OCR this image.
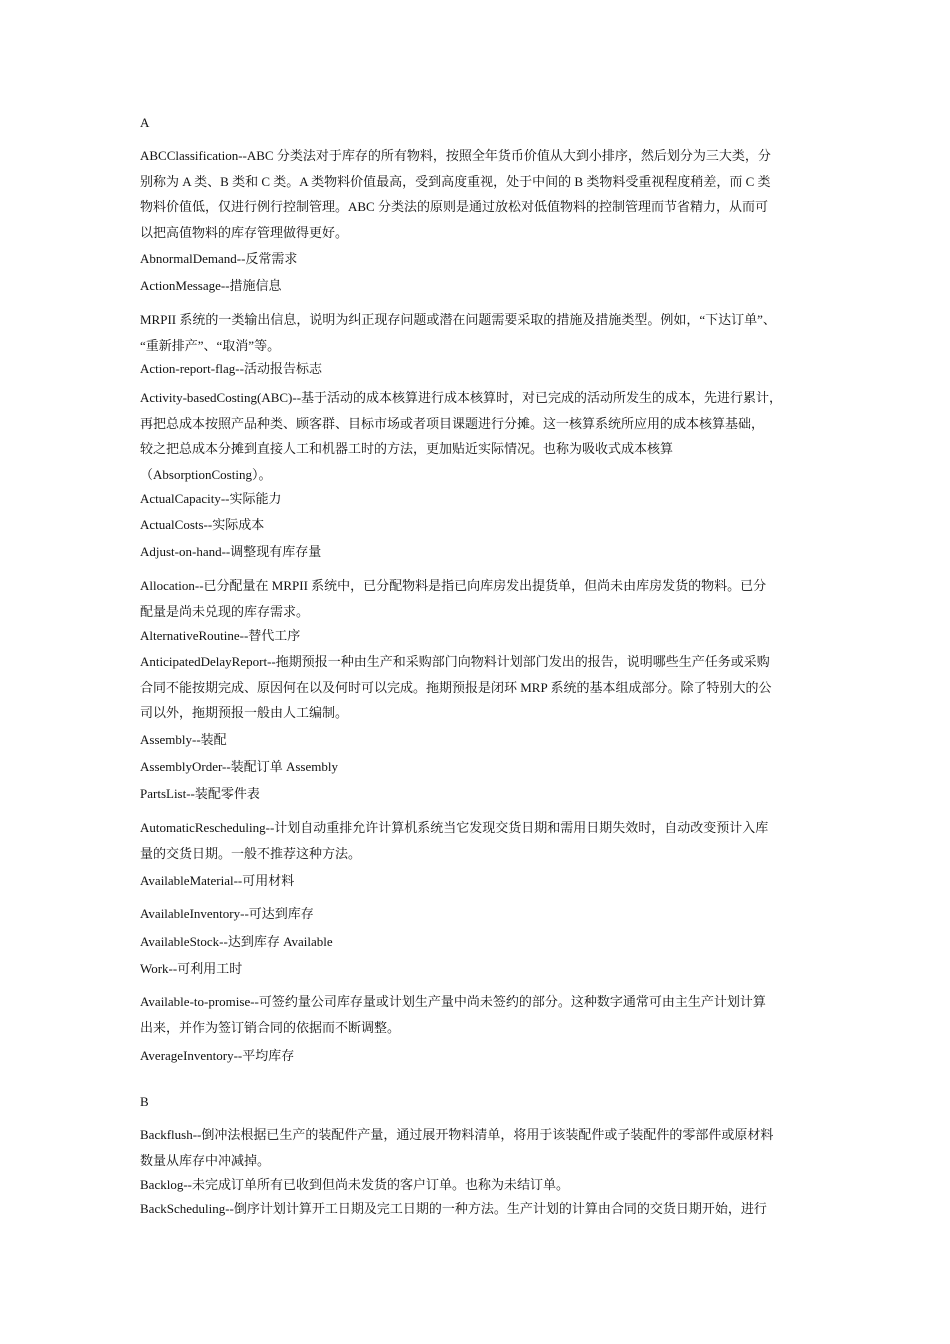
A

ABCClassification--ABC 分类法对于库存的所有物料，按照全年货币价值从大到小排序，然后划分为三大类，分
别称为 A 类、B 类和 C 类。A 类物料价值最高，受到高度重视，处于中间的 B 类物料受重视程度稍差，而 C 类
物料价值低，仅进行例行控制管理。ABC 分类法的原则是通过放松对低值物料的控制管理而节省精力，从而可
以把高值物料的库存管理做得更好。

AbnormalDemand--反常需求

ActionMessage--措施信息

MRPII 系统的一类输出信息，说明为纠正现存问题或潜在问题需要采取的措施及措施类型。例如，“下达订单”、
“重新排产”、“取消”等。

Action-report-flag--活动报告标志

Activity-basedCosting(ABC)--基于活动的成本核算进行成本核算时，对已完成的活动所发生的成本，先进行累计，
再把总成本按照产品种类、顾客群、目标市场或者项目课题进行分摊。这一核算系统所应用的成本核算基础，
较之把总成本分摊到直接人工和机器工时的方法，更加贴近实际情况。也称为吸收式成本核算
（AbsorptionCosting）。

ActualCapacity--实际能力

ActualCosts--实际成本

Adjust-on-hand--调整现有库存量

Allocation--已分配量在 MRPII 系统中，已分配物料是指已向库房发出提货单，但尚未由库房发货的物料。已分
配量是尚未兑现的库存需求。

AlternativeRoutine--替代工序

AnticipatedDelayReport--拖期预报一种由生产和采购部门向物料计划部门发出的报告，说明哪些生产任务或采购
合同不能按期完成、原因何在以及何时可以完成。拖期预报是闭环 MRP 系统的基本组成部分。除了特别大的公
司以外，拖期预报一般由人工编制。

Assembly--装配

AssemblyOrder--装配订单 Assembly

PartsList--装配零件表

AutomaticRescheduling--计划自动重排允许计算机系统当它发现交货日期和需用日期失效时，自动改变预计入库
量的交货日期。一般不推荐这种方法。

AvailableMaterial--可用材料

AvailableInventory--可达到库存

AvailableStock--达到库存 Available

Work--可利用工时

Available-to-promise--可签约量公司库存量或计划生产量中尚未签约的部分。这种数字通常可由主生产计划计算
出来，并作为签订销合同的依据而不断调整。

AverageInventory--平均库存

B

Backflush--倒冲法根据已生产的装配件产量，通过展开物料清单，将用于该装配件或子装配件的零部件或原材料
数量从库存中冲减掉。

Backlog--未完成订单所有已收到但尚未发货的客户订单。也称为未结订单。

BackScheduling--倒序计划计算开工日期及完工日期的一种方法。生产计划的计算由合同的交货日期开始，进行
